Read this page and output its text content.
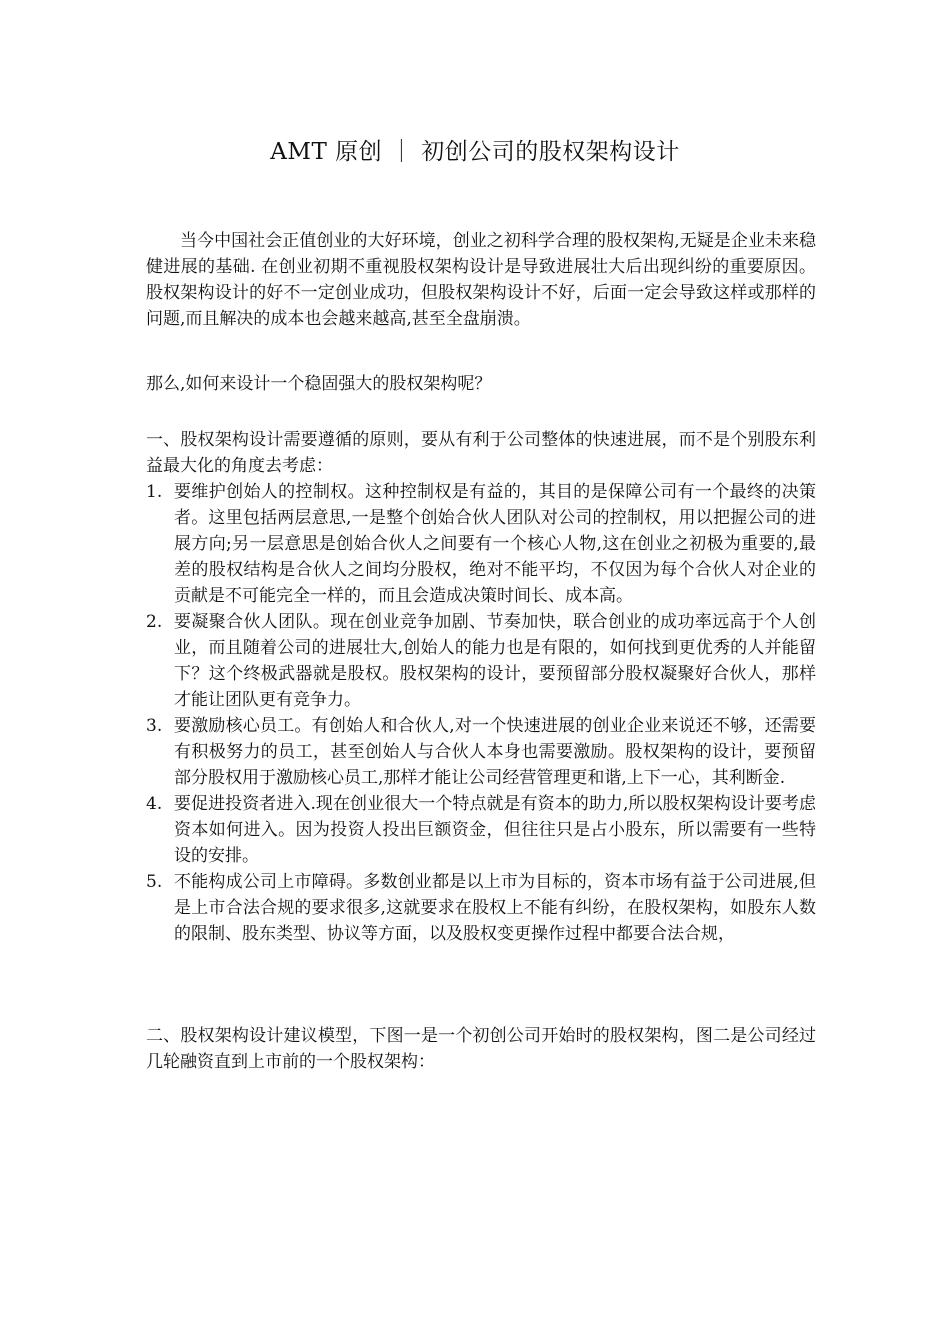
AMT 原创 ｜ 初创公司的股权架构设计

当今中国社会正值创业的大好环境，创业之初科学合理的股权架构,无疑是企业未来稳健进展的基础. 在创业初期不重视股权架构设计是导致进展壮大后出现纠纷的重要原因。股权架构设计的好不一定创业成功，但股权架构设计不好，后面一定会导致这样或那样的问题,而且解决的成本也会越来越高,甚至全盘崩溃。

那么,如何来设计一个稳固强大的股权架构呢？

一、股权架构设计需要遵循的原则，要从有利于公司整体的快速进展，而不是个别股东利益最大化的角度去考虑：

1. 要维护创始人的控制权。这种控制权是有益的，其目的是保障公司有一个最终的决策者。这里包括两层意思,一是整个创始合伙人团队对公司的控制权，用以把握公司的进展方向;另一层意思是创始合伙人之间要有一个核心人物,这在创业之初极为重要的,最差的股权结构是合伙人之间均分股权，绝对不能平均，不仅因为每个合伙人对企业的贡献是不可能完全一样的，而且会造成决策时间长、成本高。
2. 要凝聚合伙人团队。现在创业竞争加剧、节奏加快，联合创业的成功率远高于个人创业，而且随着公司的进展壮大,创始人的能力也是有限的，如何找到更优秀的人并能留下？这个终极武器就是股权。股权架构的设计，要预留部分股权凝聚好合伙人，那样才能让团队更有竞争力。
3. 要激励核心员工。有创始人和合伙人,对一个快速进展的创业企业来说还不够，还需要有积极努力的员工，甚至创始人与合伙人本身也需要激励。股权架构的设计，要预留部分股权用于激励核心员工,那样才能让公司经营管理更和谐,上下一心，其利断金.
4. 要促进投资者进入.现在创业很大一个特点就是有资本的助力,所以股权架构设计要考虑资本如何进入。因为投资人投出巨额资金，但往往只是占小股东，所以需要有一些特设的安排。
5. 不能构成公司上市障碍。多数创业都是以上市为目标的，资本市场有益于公司进展,但是上市合法合规的要求很多,这就要求在股权上不能有纠纷，在股权架构，如股东人数的限制、股东类型、协议等方面，以及股权变更操作过程中都要合法合规，

二、股权架构设计建议模型，下图一是一个初创公司开始时的股权架构，图二是公司经过几轮融资直到上市前的一个股权架构：
